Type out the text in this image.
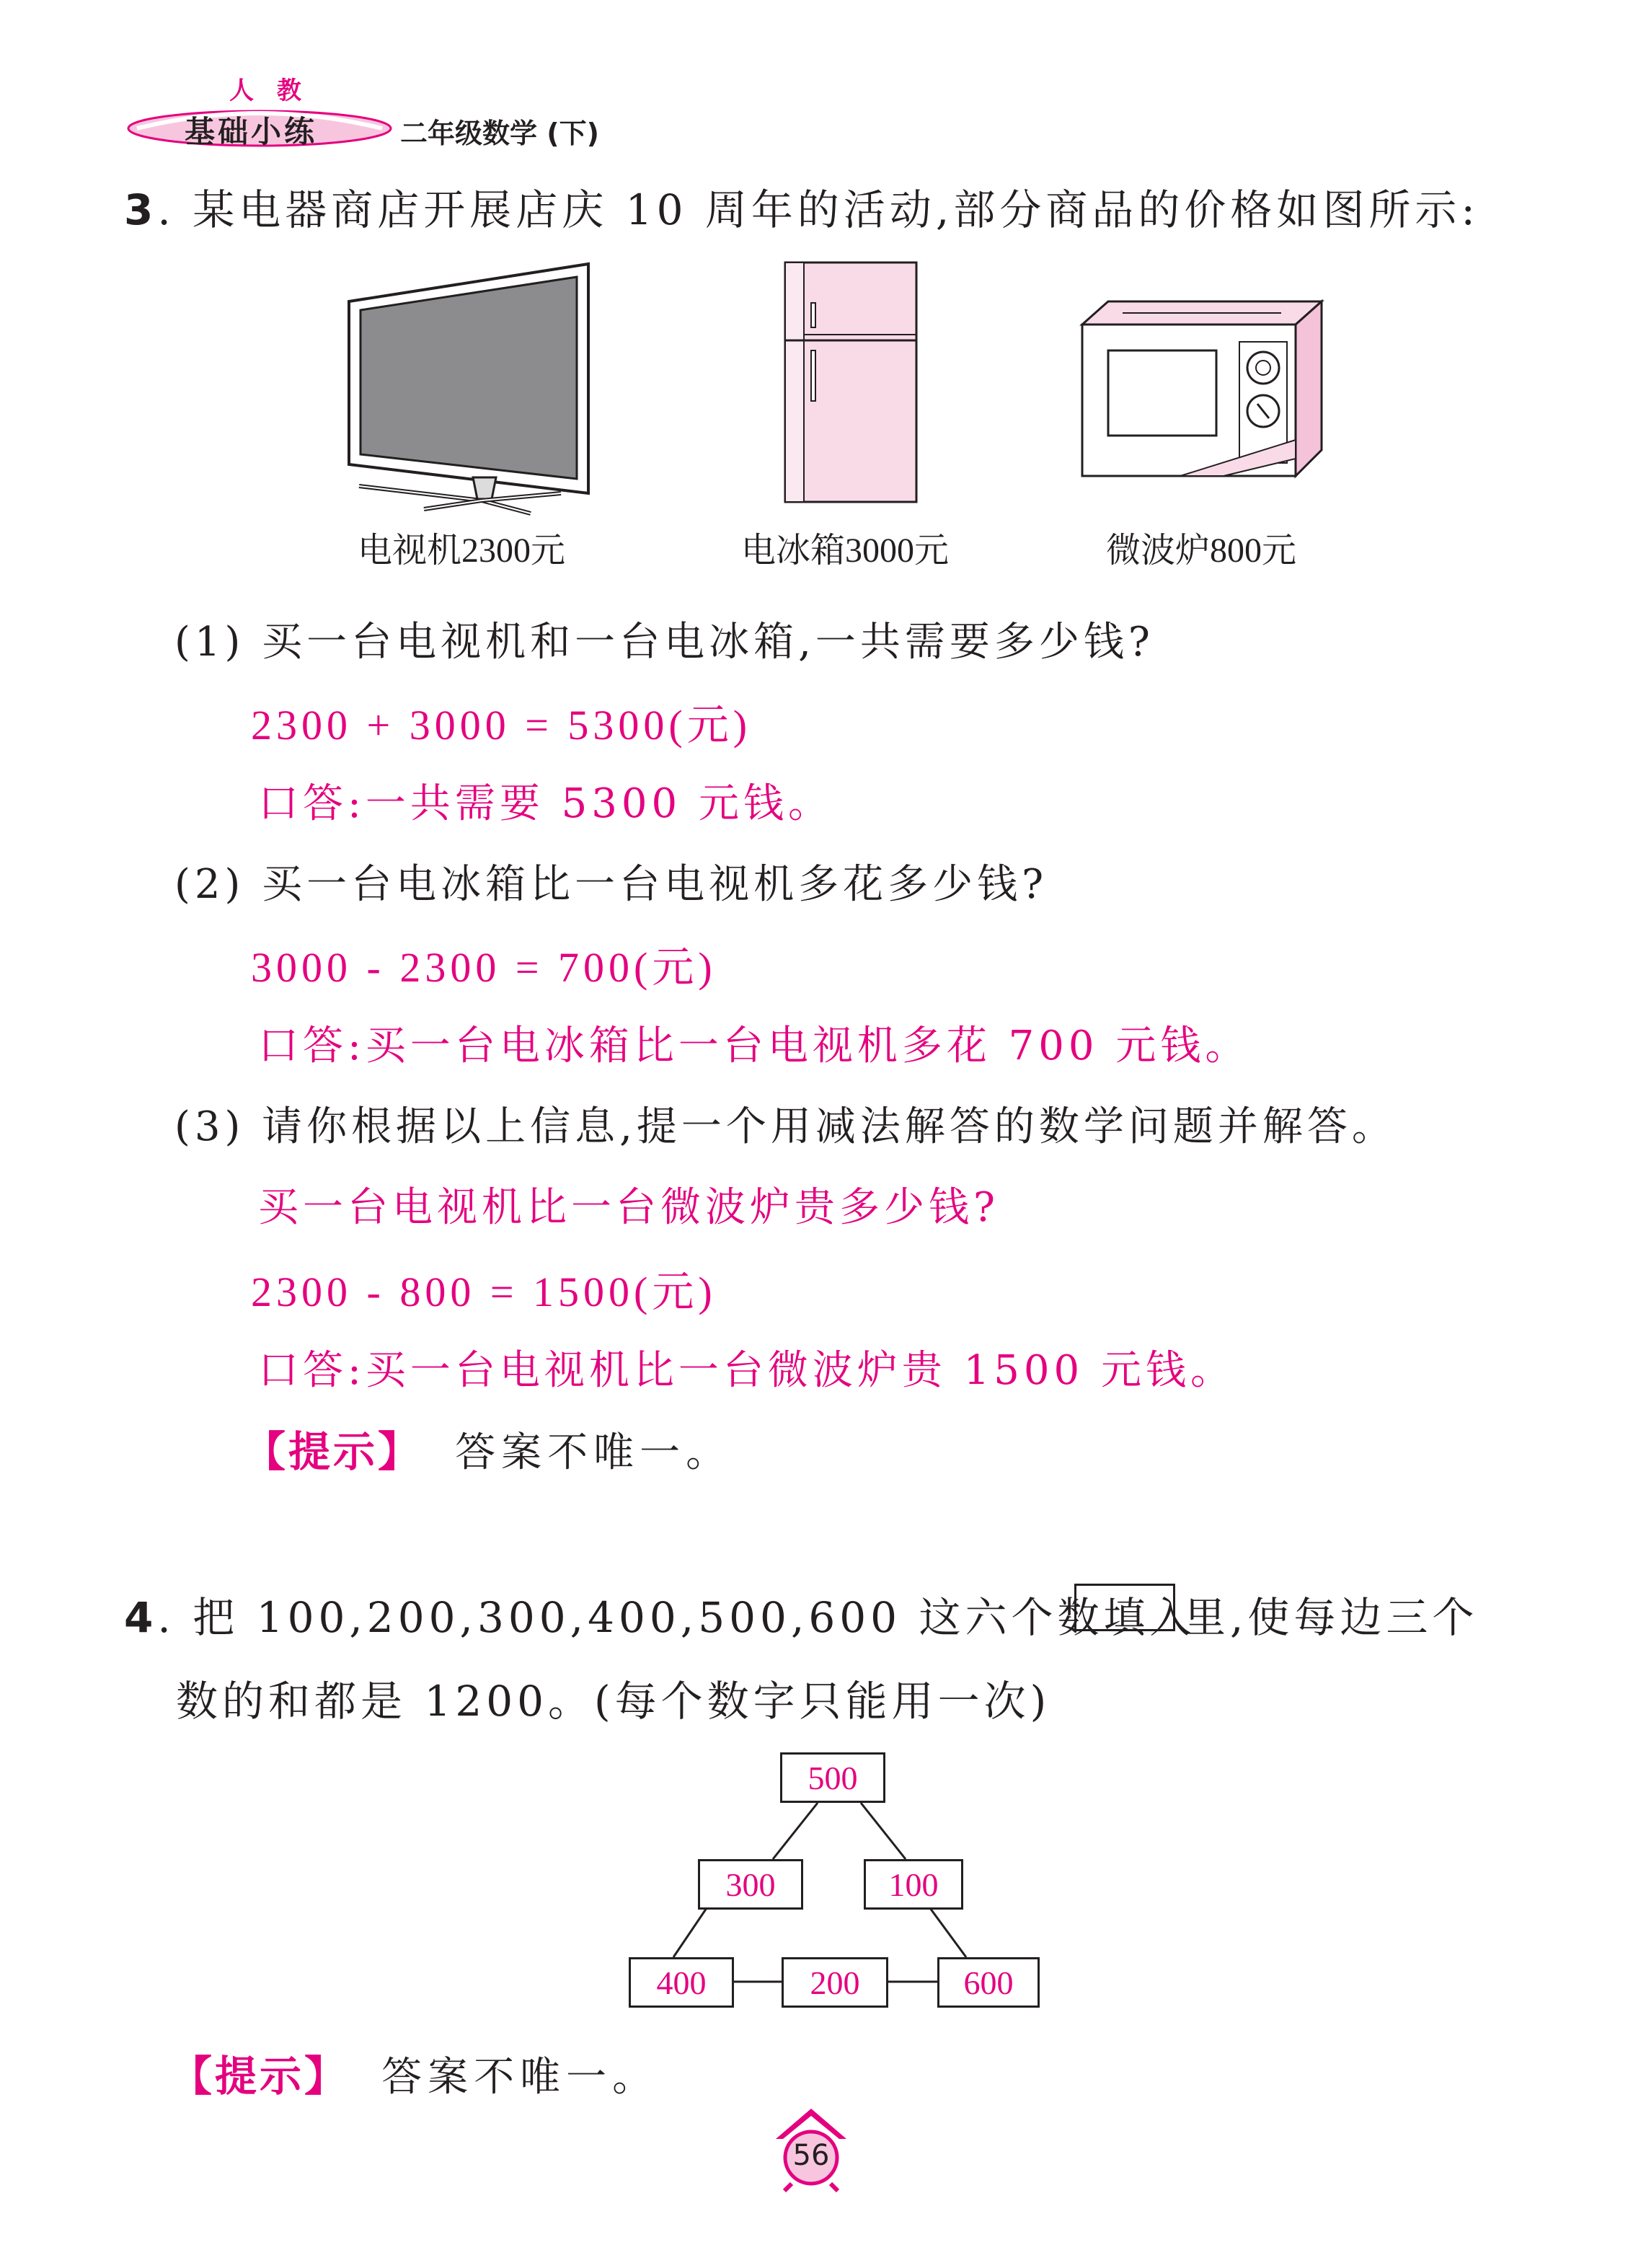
人 教
基础小练	二年级数学 (下)
3. 某电器商店开展店庆 10 周年的活动,部分商品的价格如图所示:
电视机2300元	电冰箱3000元	微波炉800元
(1) 买一台电视机和一台电冰箱,一共需要多少钱?
2300 + 3000 = 5300(元)
口答:一共需要 5300 元钱。
(2) 买一台电冰箱比一台电视机多花多少钱?
3000 - 2300 = 700(元)
口答:买一台电冰箱比一台电视机多花 700 元钱。
(3) 请你根据以上信息,提一个用减法解答的数学问题并解答。
买一台电视机比一台微波炉贵多少钱?
2300 - 800 = 1500(元)
口答:买一台电视机比一台微波炉贵 1500 元钱。
【提示】 答案不唯一。
4. 把 100,200,300,400,500,600 这六个数填入
里,使每边三个
数的和都是 1200。(每个数字只能用一次)
500
300	100
400	200	600
【提示】 答案不唯一。
56
